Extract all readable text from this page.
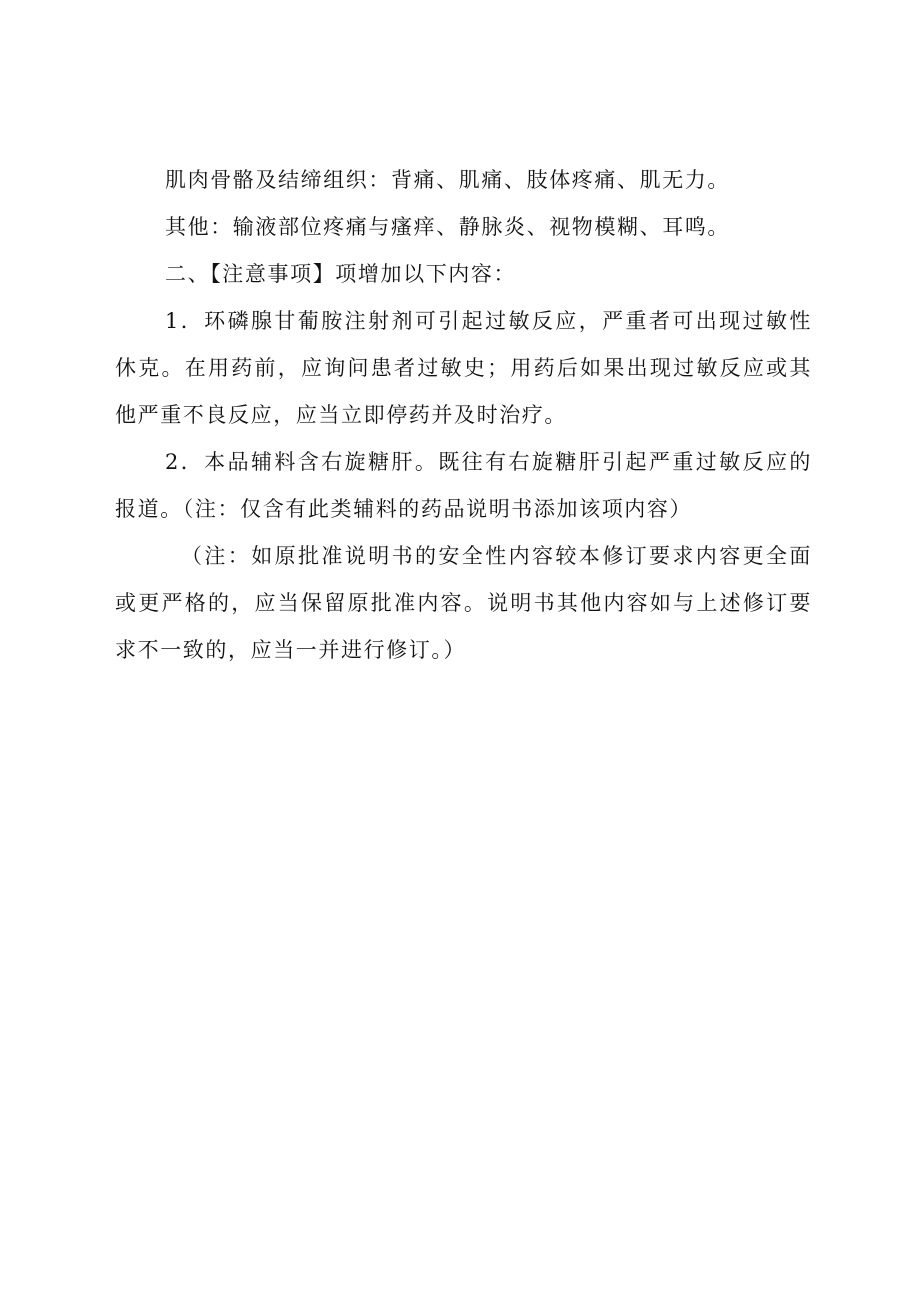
肌肉骨骼及结缔组织：背痛、肌痛、肢体疼痛、肌无力。

其他：输液部位疼痛与瘙痒、静脉炎、视物模糊、耳鸣。

二、【注意事项】项增加以下内容：

1．环磷腺甘葡胺注射剂可引起过敏反应，严重者可出现过敏性休克。在用药前，应询问患者过敏史；用药后如果出现过敏反应或其他严重不良反应，应当立即停药并及时治疗。

2．本品辅料含右旋糖肝。既往有右旋糖肝引起严重过敏反应的报道。（注：仅含有此类辅料的药品说明书添加该项内容）

（注：如原批准说明书的安全性内容较本修订要求内容更全面或更严格的，应当保留原批准内容。说明书其他内容如与上述修订要求不一致的，应当一并进行修订。）
